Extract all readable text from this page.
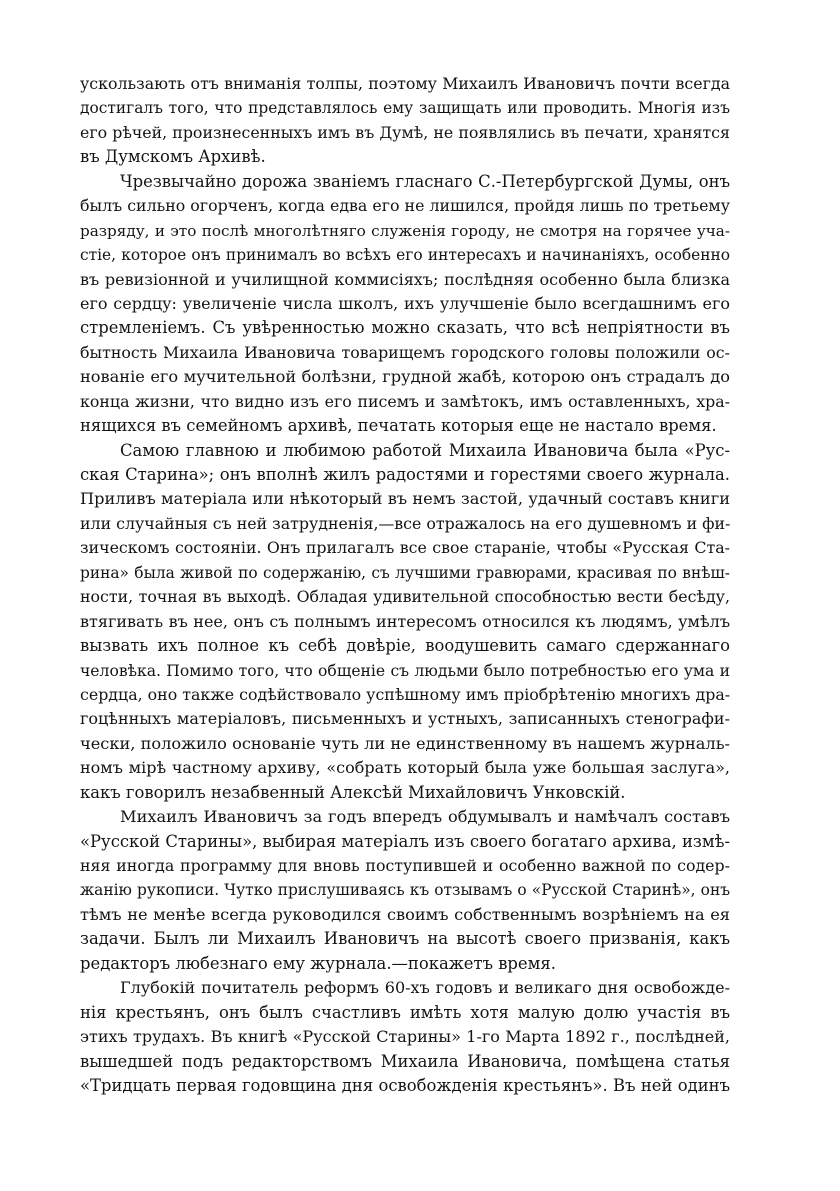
ускользають отъ вниманія толпы, поэтому Михаилъ Ивановичъ почти всегда
достигалъ того, что представлялось ему защищать или проводить. Многія изъ
его рѣчей, произнесенныхъ имъ въ Думѣ, не появлялись въ печати, хранятся
въ Думскомъ Архивѣ.
Чрезвычайно дорожа званіемъ гласнаго С.-Петербургской Думы, онъ
былъ сильно огорченъ, когда едва его не лишился, пройдя лишь по третьему
разряду, и это послѣ многолѣтняго служенія городу, не смотря на горячее уча-
стіе, которое онъ принималъ во всѣхъ его интересахъ и начинаніяхъ, особенно
въ ревизіонной и училищной коммисіяхъ; послѣдняя особенно была близка
его сердцу: увеличеніе числа школъ, ихъ улучшеніе было всегдашнимъ его
стремленіемъ. Съ увѣренностью можно сказать, что всѣ непріятности въ
бытность Михаила Ивановича товарищемъ городского головы положили ос-
нованіе его мучительной болѣзни, грудной жабѣ, которою онъ страдалъ до
конца жизни, что видно изъ его писемъ и замѣтокъ, имъ оставленныхъ, хра-
нящихся въ семейномъ архивѣ, печатать которыя еще не настало время.
Самою главною и любимою работой Михаила Ивановича была «Рус-
ская Старина»; онъ вполнѣ жилъ радостями и горестями своего журнала.
Приливъ матеріала или нѣкоторый въ немъ застой, удачный составъ книги
или случайныя съ ней затрудненія,—все отражалось на его душевномъ и фи-
зическомъ состояніи. Онъ прилагалъ все свое стараніе, чтобы «Русская Ста-
рина» была живой по содержанію, съ лучшими гравюрами, красивая по внѣш-
ности, точная въ выходѣ. Обладая удивительной способностью вести бесѣду,
втягивать въ нее, онъ съ полнымъ интересомъ относился къ людямъ, умѣлъ
вызвать ихъ полное къ себѣ довѣріе, воодушевить самаго сдержаннаго
человѣка. Помимо того, что общеніе съ людьми было потребностью его ума и
сердца, оно также содѣйствовало успѣшному имъ пріобрѣтенію многихъ дра-
гоцѣнныхъ матеріаловъ, письменныхъ и устныхъ, записанныхъ стенографи-
чески, положило основаніе чуть ли не единственному въ нашемъ журналь-
номъ мірѣ частному архиву, «собрать который была уже большая заслуга»,
какъ говорилъ незабвенный Алексѣй Михайловичъ Унковскій.
Михаилъ Ивановичъ за годъ впередъ обдумывалъ и намѣчалъ составъ
«Русской Старины», выбирая матеріалъ изъ своего богатаго архива, измѣ-
няя иногда программу для вновь поступившей и особенно важной по содер-
жанію рукописи. Чутко прислушиваясь къ отзывамъ о «Русской Старинѣ», онъ
тѣмъ не менѣе всегда руководился своимъ собственнымъ возрѣніемъ на ея
задачи. Былъ ли Михаилъ Ивановичъ на высотѣ своего призванія, какъ
редакторъ любезнаго ему журнала.—покажетъ время.
Глубокій почитатель реформъ 60-хъ годовъ и великаго дня освобожде-
нія крестьянъ, онъ былъ счастливъ имѣть хотя малую долю участія въ
этихъ трудахъ. Въ книгѣ «Русской Старины» 1-го Марта 1892 г., послѣдней,
вышедшей подъ редакторствомъ Михаила Ивановича, помѣщена статья
«Тридцать первая годовщина дня освобожденія крестьянъ». Въ ней одинъ
